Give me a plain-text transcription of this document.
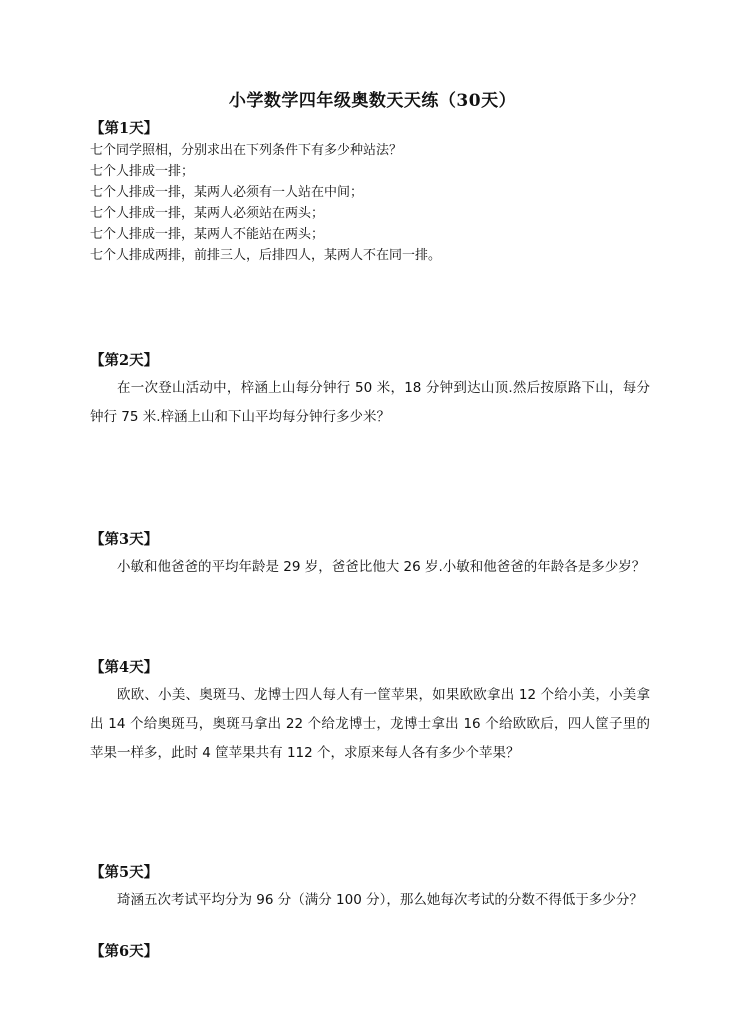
小学数学四年级奥数天天练（30天）
【第1天】
七个同学照相，分别求出在下列条件下有多少种站法？
七个人排成一排；
七个人排成一排，某两人必须有一人站在中间；
七个人排成一排，某两人必须站在两头；
七个人排成一排，某两人不能站在两头；
七个人排成两排，前排三人，后排四人，某两人不在同一排。
【第2天】
在一次登山活动中，梓涵上山每分钟行 50 米，18 分钟到达山顶.然后按原路下山，每分钟行 75 米.梓涵上山和下山平均每分钟行多少米？
【第3天】
小敏和他爸爸的平均年龄是 29 岁，爸爸比他大 26 岁.小敏和他爸爸的年龄各是多少岁？
【第4天】
欧欧、小美、奥斑马、龙博士四人每人有一筐苹果，如果欧欧拿出 12 个给小美，小美拿出 14 个给奥斑马，奥斑马拿出 22 个给龙博士，龙博士拿出 16 个给欧欧后，四人筐子里的苹果一样多，此时 4 筐苹果共有 112 个，求原来每人各有多少个苹果？
【第5天】
琦涵五次考试平均分为 96 分（满分 100 分），那么她每次考试的分数不得低于多少分？
【第6天】
